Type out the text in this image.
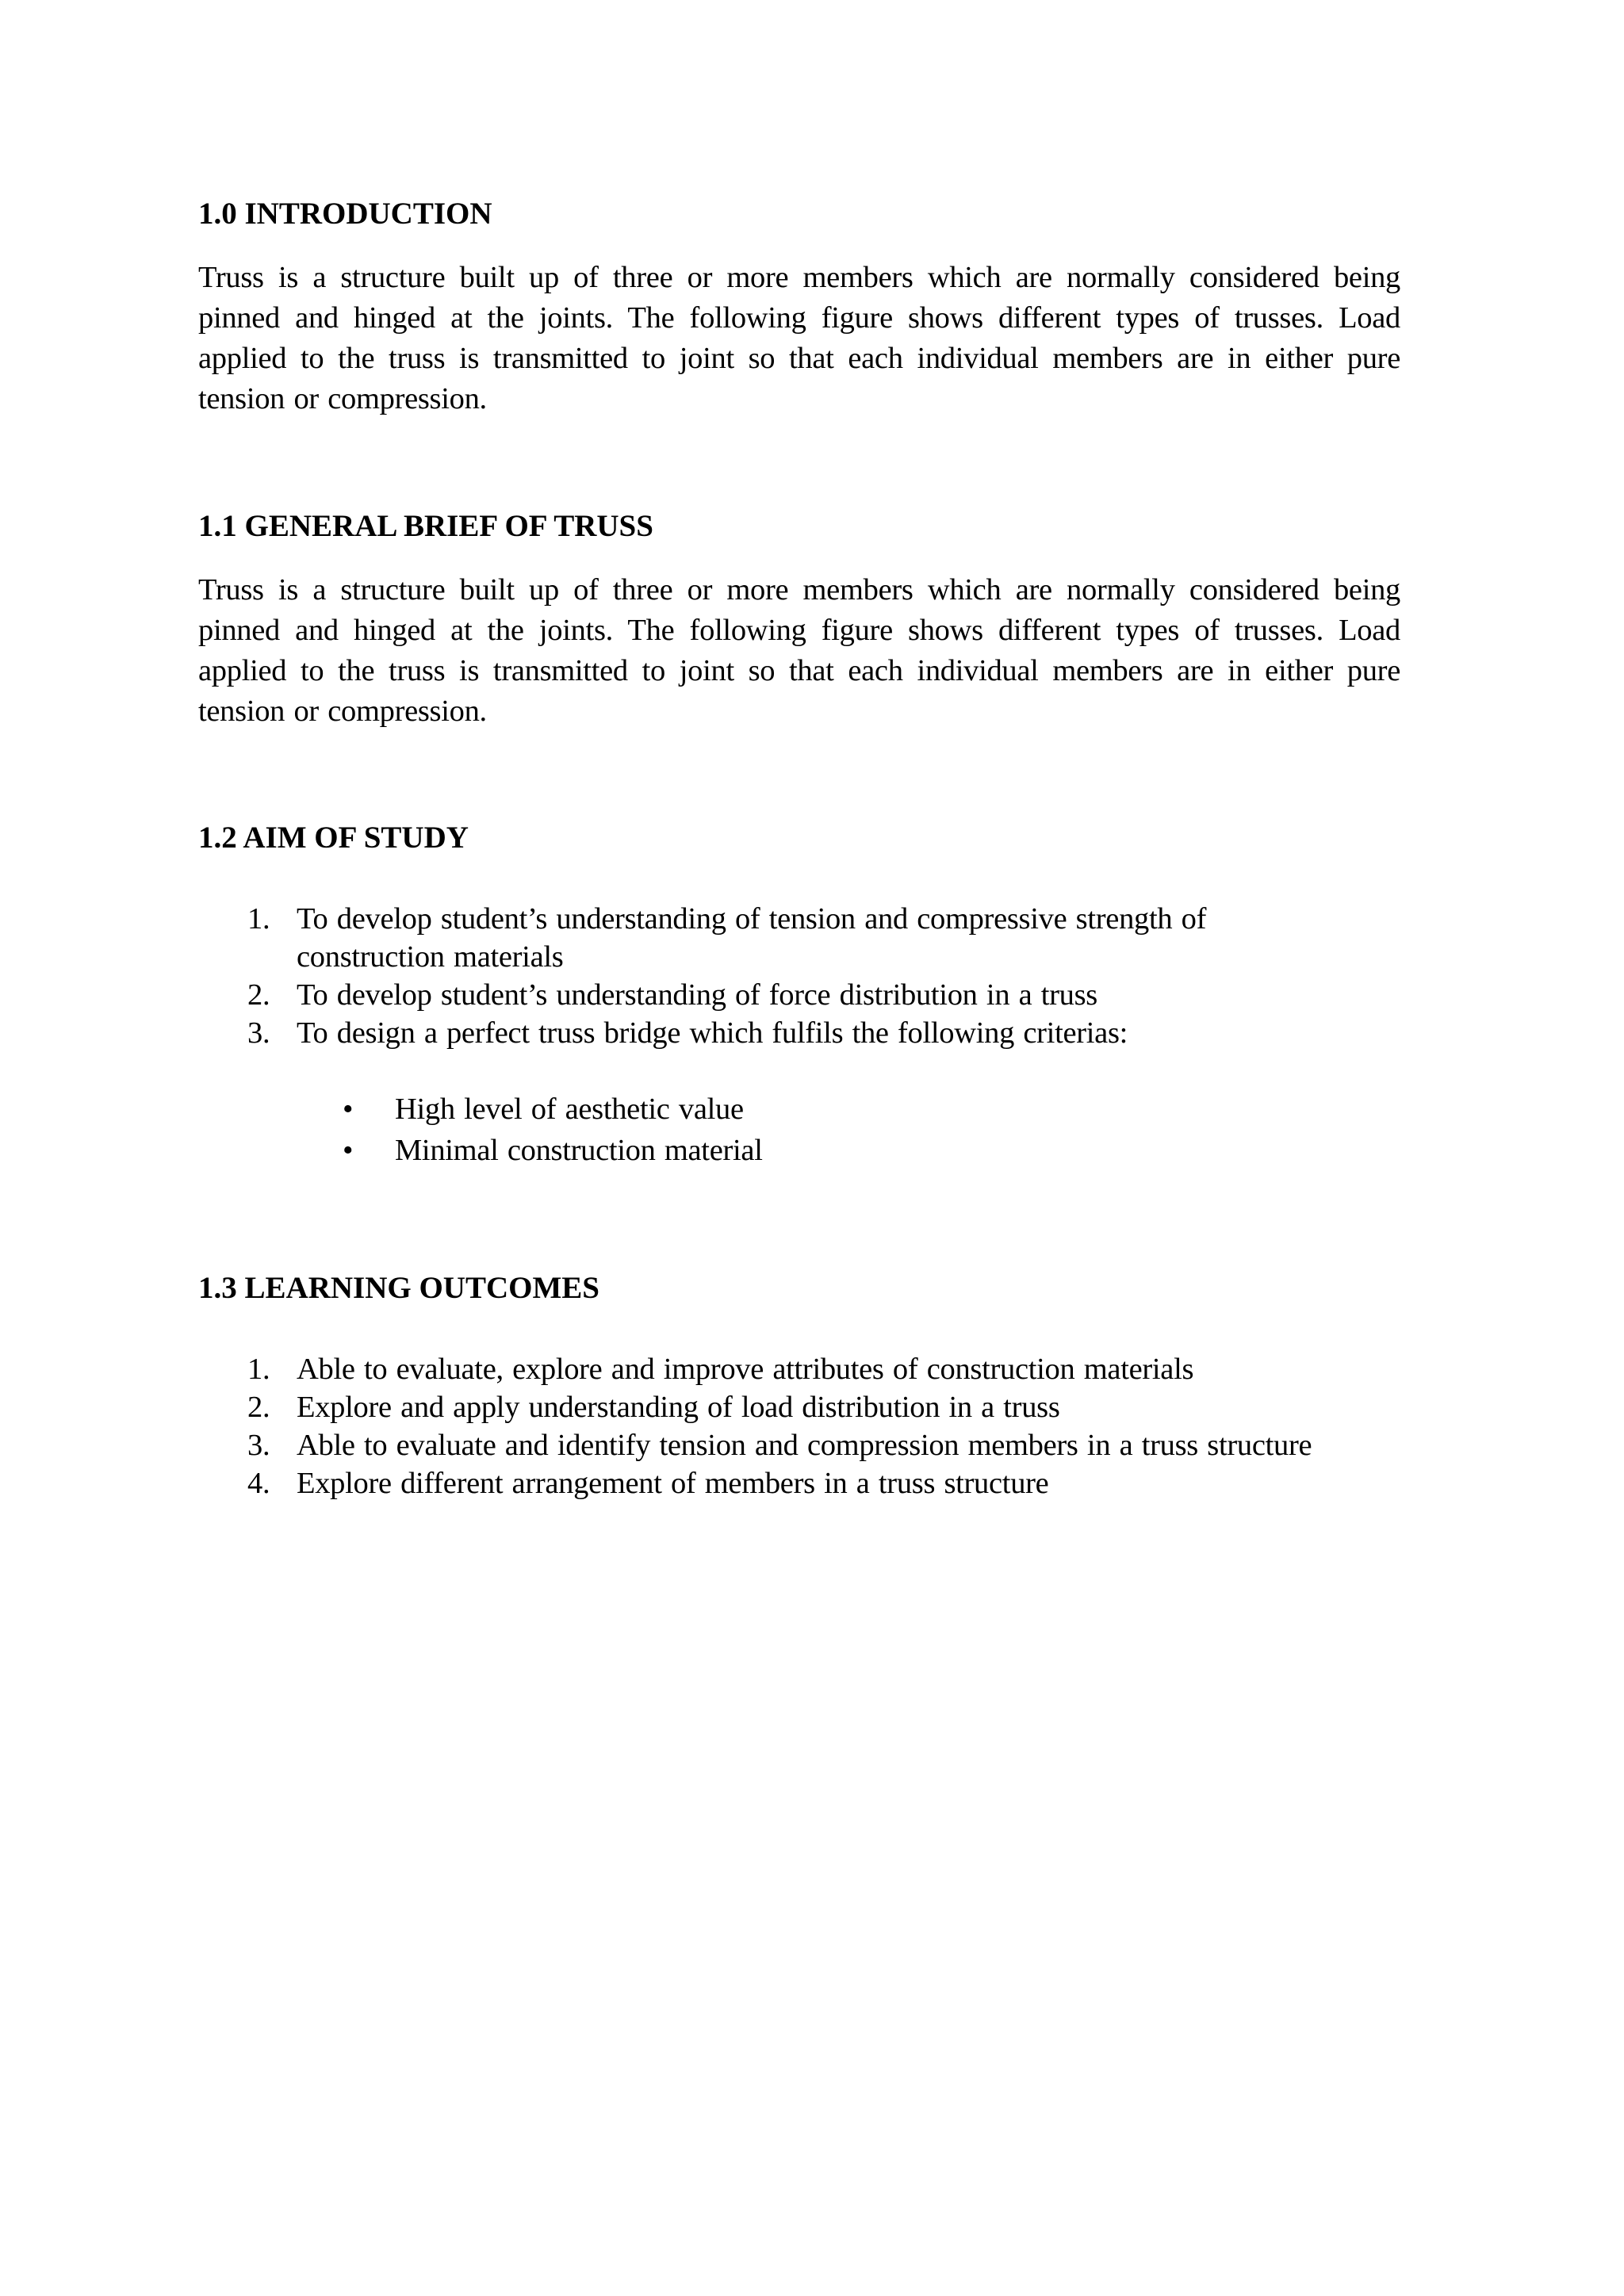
1.0 INTRODUCTION

Truss is a structure built up of three or more members which are normally considered being pinned and hinged at the joints. The following figure shows different types of trusses. Load applied to the truss is transmitted to joint so that each individual members are in either pure tension or compression.

1.1 GENERAL BRIEF OF TRUSS

Truss is a structure built up of three or more members which are normally considered being pinned and hinged at the joints. The following figure shows different types of trusses. Load applied to the truss is transmitted to joint so that each individual members are in either pure tension or compression.

1.2 AIM OF STUDY
1. To develop student’s understanding of tension and compressive strength of construction materials
2. To develop student’s understanding of force distribution in a truss
3. To design a perfect truss bridge which fulfils the following criterias:
• High level of aesthetic value
• Minimal construction material
1.3 LEARNING OUTCOMES
1. Able to evaluate, explore and improve attributes of construction materials
2. Explore and apply understanding of load distribution in a truss
3. Able to evaluate and identify tension and compression members in a truss structure
4. Explore different arrangement of members in a truss structure
